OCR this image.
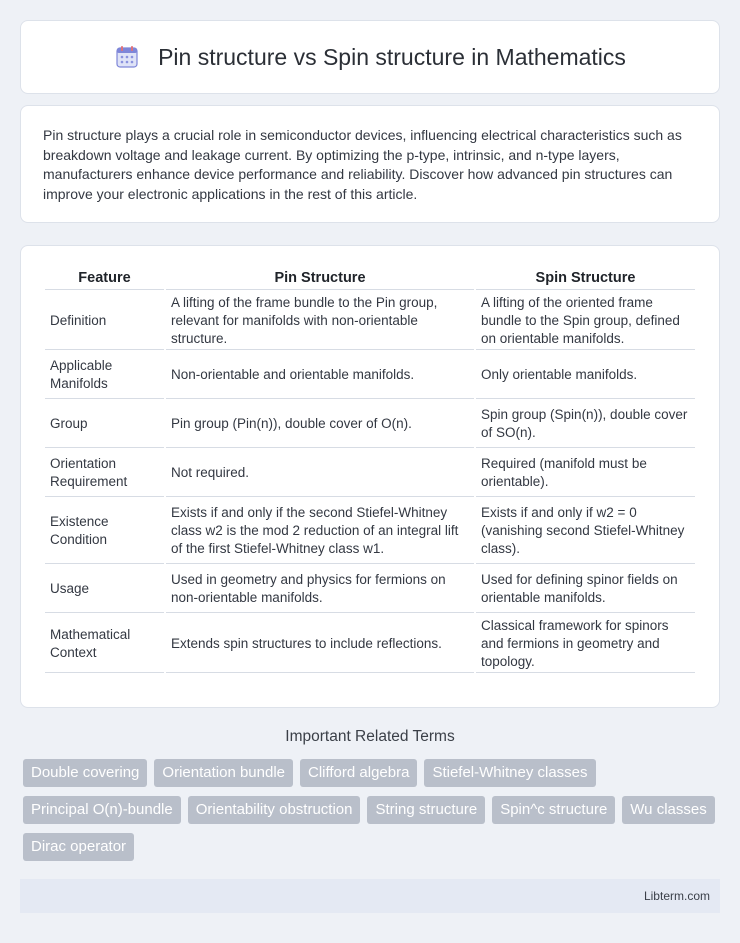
Pin structure vs Spin structure in Mathematics

Pin structure plays a crucial role in semiconductor devices, influencing electrical characteristics such as breakdown voltage and leakage current. By optimizing the p-type, intrinsic, and n-type layers, manufacturers enhance device performance and reliability. Discover how advanced pin structures can improve your electronic applications in the rest of this article.

Feature	Pin Structure	Spin Structure
Definition	A lifting of the frame bundle to the Pin group, relevant for manifolds with non-orientable structure.	A lifting of the oriented frame bundle to the Spin group, defined on orientable manifolds.
Applicable Manifolds	Non-orientable and orientable manifolds.	Only orientable manifolds.
Group	Pin group (Pin(n)), double cover of O(n).	Spin group (Spin(n)), double cover of SO(n).
Orientation Requirement	Not required.	Required (manifold must be orientable).
Existence Condition	Exists if and only if the second Stiefel-Whitney class w2 is the mod 2 reduction of an integral lift of the first Stiefel-Whitney class w1.	Exists if and only if w2 = 0 (vanishing second Stiefel-Whitney class).
Usage	Used in geometry and physics for fermions on non-orientable manifolds.	Used for defining spinor fields on orientable manifolds.
Mathematical Context	Extends spin structures to include reflections.	Classical framework for spinors and fermions in geometry and topology.
Important Related Terms
Double covering	Orientation bundle	Clifford algebra	Stiefel-Whitney classes
Principal O(n)-bundle	Orientability obstruction	String structure	Spin^c structure	Wu classes
Dirac operator
Libterm.com
